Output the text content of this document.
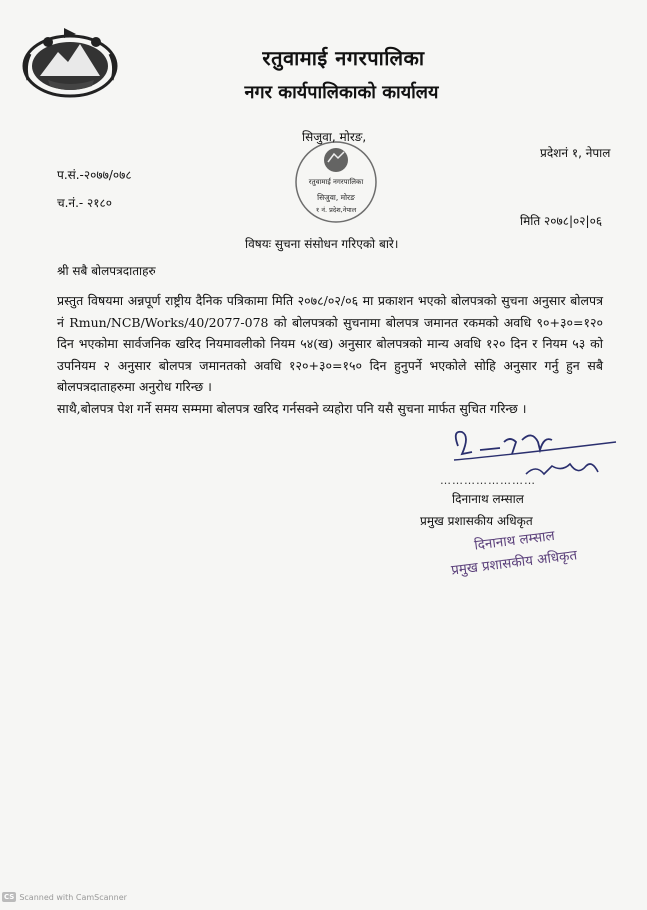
रतुवामाई नगरपालिका
नगर कार्यपालिकाको कार्यालय
सिजुवा, मोरङ,
प्रदेशनं १, नेपाल
प.सं.-२०७७/०७८
च.नं.- २१८०
मिति २०७८|०२|०६
रतुवामाई नगरपालिका
सिजुवा, मोरङ
१ नं. प्रदेश,नेपाल
विषयः सुचना संसोधन गरिएको बारे।
श्री सबै बोलपत्रदाताहरु

प्रस्तुत विषयमा अन्नपूर्ण राष्ट्रीय दैनिक पत्रिकामा मिति २०७८/०२/०६ मा प्रकाशन भएको बोलपत्रको सुचना अनुसार बोलपत्र नं Rmun/NCB/Works/40/2077-078 को बोलपत्रको सुचनामा बोलपत्र जमानत रकमको अवधि ९०+३०=१२० दिन भएकोमा सार्वजनिक खरिद नियमावलीको नियम ५४(ख) अनुसार बोलपत्रको मान्य अवधि १२० दिन र नियम ५३ को उपनियम २ अनुसार बोलपत्र जमानतको अवधि १२०+३०=१५० दिन हुनुपर्ने भएकोले सोहि अनुसार गर्नु हुन सबै बोलपत्रदाताहरुमा अनुरोध गरिन्छ ।

साथै,बोलपत्र पेश गर्ने समय सम्ममा बोलपत्र खरिद गर्नसक्ने व्यहोरा पनि यसै सुचना मार्फत सुचित गरिन्छ ।

……………………
दिनानाथ लम्साल
प्रमुख प्रशासकीय अधिकृत
दिनानाथ लम्साल
प्रमुख प्रशासकीय अधिकृत
CS Scanned with CamScanner
